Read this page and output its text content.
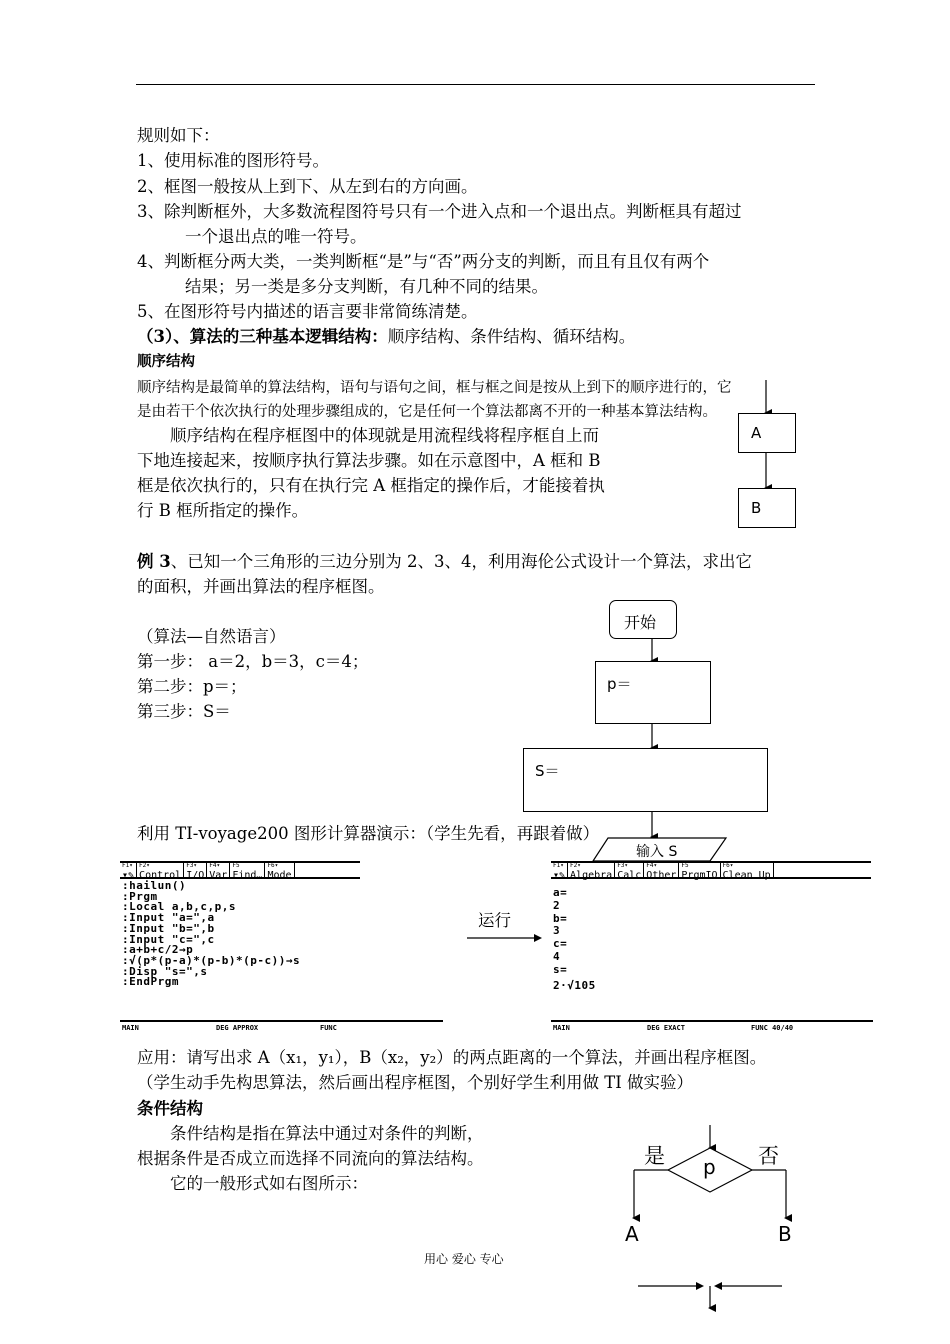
规则如下：
1、使用标准的图形符号。
2、框图一般按从上到下、从左到右的方向画。
3、除判断框外，大多数流程图符号只有一个进入点和一个退出点。判断框具有超过
一个退出点的唯一符号。
4、判断框分两大类，一类判断框“是”与“否”两分支的判断，而且有且仅有两个
结果；另一类是多分支判断，有几种不同的结果。
5、在图形符号内描述的语言要非常简练清楚。
（3）、算法的三种基本逻辑结构：顺序结构、条件结构、循环结构。
顺序结构
顺序结构是最简单的算法结构，语句与语句之间，框与框之间是按从上到下的顺序进行的，它
是由若干个依次执行的处理步骤组成的，它是任何一个算法都离不开的一种基本算法结构。
顺序结构在程序框图中的体现就是用流程线将程序框自上而
下地连接起来，按顺序执行算法步骤。如在示意图中，A 框和 B
框是依次执行的，只有在执行完 A 框指定的操作后，才能接着执
行 B 框所指定的操作。
例 3、已知一个三角形的三边分别为 2、3、4，利用海伦公式设计一个算法，求出它
的面积，并画出算法的程序框图。
（算法—自然语言）
第一步： a＝2，b＝3，c＝4；
第二步：p＝；
第三步：S＝
A
B
开始
p＝
S＝
输入 S
利用 TI-voyage200 图形计算器演示：（学生先看，再跟着做）
F1▾
▾✎
F2▾
Control
F3▾
I/O
F4▾
Var
F5
Find…
F6▾
Mode
:hailun()
:Prgm
:Local a,b,c,p,s
:Input "a=",a
:Input "b=",b
:Input "c=",c
:a+b+c/2→p
:√(p*(p-a)*(p-b)*(p-c))→s
:Disp "s=",s
:EndPrgm
MAIN	DEG APPROX	FUNC
运行
F1▾
▾✎
F2▾
Algebra
F3▾
Calc
F4▾
Other
F5
PrgmIO
F6▾
Clean Up
a=
2
b=
3
c=
4
s=
2·√105
MAIN	DEG EXACT	FUNC 40/40
应用：请写出求 A（x₁，y₁），B（x₂，y₂）的两点距离的一个算法，并画出程序框图。
（学生动手先构思算法，然后画出程序框图，个别好学生利用做 TI 做实验）
条件结构
条件结构是指在算法中通过对条件的判断，
根据条件是否成立而选择不同流向的算法结构。
它的一般形式如右图所示：
是	否
p
A	B
用心 爱心 专心
